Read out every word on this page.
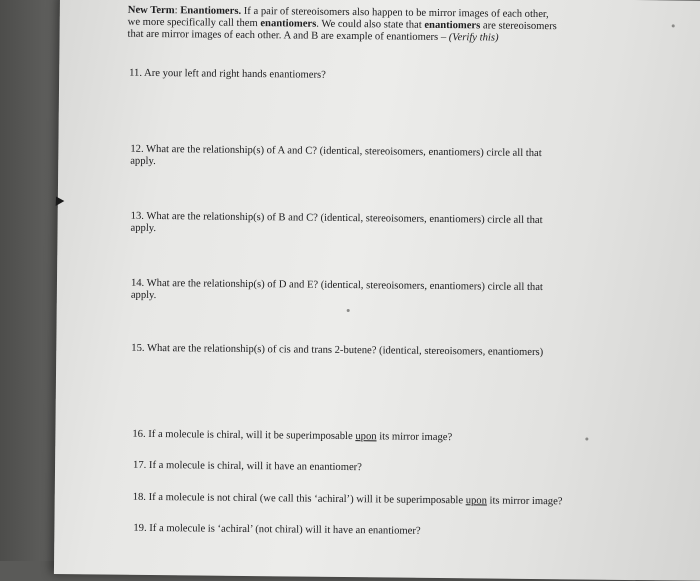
New Term: Enantiomers. If a pair of stereoisomers also happen to be mirror images of each other,
we more specifically call them enantiomers. We could also state that enantiomers are stereoisomers
that are mirror images of each other. A and B are example of enantiomers – (Verify this)
11. Are your left and right hands enantiomers?
12. What are the relationship(s) of A and C? (identical, stereoisomers, enantiomers) circle all that
apply.
13. What are the relationship(s) of B and C? (identical, stereoisomers, enantiomers) circle all that
apply.
14. What are the relationship(s) of D and E? (identical, stereoisomers, enantiomers) circle all that
apply.
15. What are the relationship(s) of cis and trans 2-butene? (identical, stereoisomers, enantiomers)
16. If a molecule is chiral, will it be superimposable upon its mirror image?
17. If a molecule is chiral, will it have an enantiomer?
18. If a molecule is not chiral (we call this ‘achiral’) will it be superimposable upon its mirror image?
19. If a molecule is ‘achiral’ (not chiral) will it have an enantiomer?
